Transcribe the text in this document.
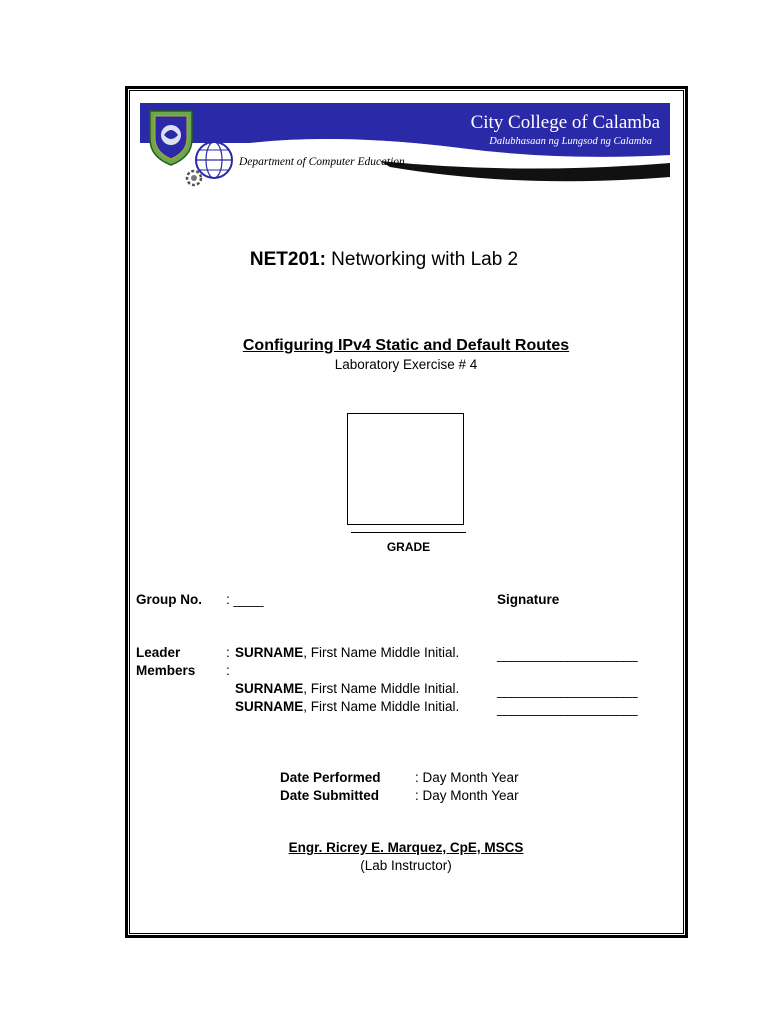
City College of Calamba
Dalubhasaan ng Lungsod ng Calamba
Department of Computer Education
NET201: Networking with Lab 2
Configuring IPv4 Static and Default Routes
Laboratory Exercise # 4
GRADE
Group No. : ____	Signature
Leader	: SURNAME, First Name Middle Initial.	____________________
Members :
SURNAME, First Name Middle Initial.	____________________
SURNAME, First Name Middle Initial.	____________________
Date Performed	: Day Month Year
Date Submitted	: Day Month Year
Engr. Ricrey E. Marquez, CpE, MSCS
(Lab Instructor)
